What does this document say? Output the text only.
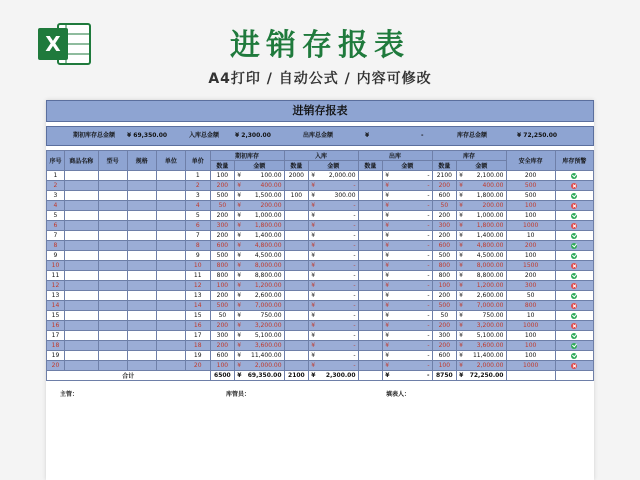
X	进销存报表
A4打印 / 自动公式 / 内容可修改
进销存报表
期初库存总金额 ¥ 69,350.00	入库总金额	¥ 2,300.00	出库总金额	¥	-	库存总金额	¥ 72,250.00
序号	商品名称	型号	规格	单位	单价	期初库存		入库		出库		库存		安全库存	库存预警
						数量	金额	数量	金额	数量	金额	数量	金额		
1					1	100	¥ 100.00	2000	¥ 2,000.00		¥ -	2100	¥ 2,100.00	200	
2					2	200	¥ 400.00		¥ -		¥ -	200	¥ 400.00	500	
3					3	500	¥ 1,500.00	100	¥ 300.00		¥ -	600	¥ 1,800.00	500	
4					4	50	¥ 200.00		¥ -		¥ -	50	¥ 200.00	100	
5					5	200	¥ 1,000.00		¥ -		¥ -	200	¥ 1,000.00	100	
6					6	300	¥ 1,800.00		¥ -		¥ -	300	¥ 1,800.00	1000	
7					7	200	¥ 1,400.00		¥ -		¥ -	200	¥ 1,400.00	10	
8					8	600	¥ 4,800.00		¥ -		¥ -	600	¥ 4,800.00	200	
9					9	500	¥ 4,500.00		¥ -		¥ -	500	¥ 4,500.00	100	
10					10	800	¥ 8,000.00		¥ -		¥ -	800	¥ 8,000.00	1500	
11					11	800	¥ 8,800.00		¥ -		¥ -	800	¥ 8,800.00	200	
12					12	100	¥ 1,200.00		¥ -		¥ -	100	¥ 1,200.00	300	
13					13	200	¥ 2,600.00		¥ -		¥ -	200	¥ 2,600.00	50	
14					14	500	¥ 7,000.00		¥ -		¥ -	500	¥ 7,000.00	800	
15					15	50	¥ 750.00		¥ -		¥ -	50	¥ 750.00	10	
16					16	200	¥ 3,200.00		¥ -		¥ -	200	¥ 3,200.00	1000	
17					17	300	¥ 5,100.00		¥ -		¥ -	300	¥ 5,100.00	100	
18					18	200	¥ 3,600.00		¥ -		¥ -	200	¥ 3,600.00	100	
19					19	600	¥ 11,400.00		¥ -		¥ -	600	¥ 11,400.00	100	
20					20	100	¥ 2,000.00		¥ -		¥ -	100	¥ 2,000.00	1000	
合计						6500	¥ 69,350.00	2100	¥ 2,300.00		¥ -	8750	¥ 72,250.00		
主管：	库管员：	填表人：
